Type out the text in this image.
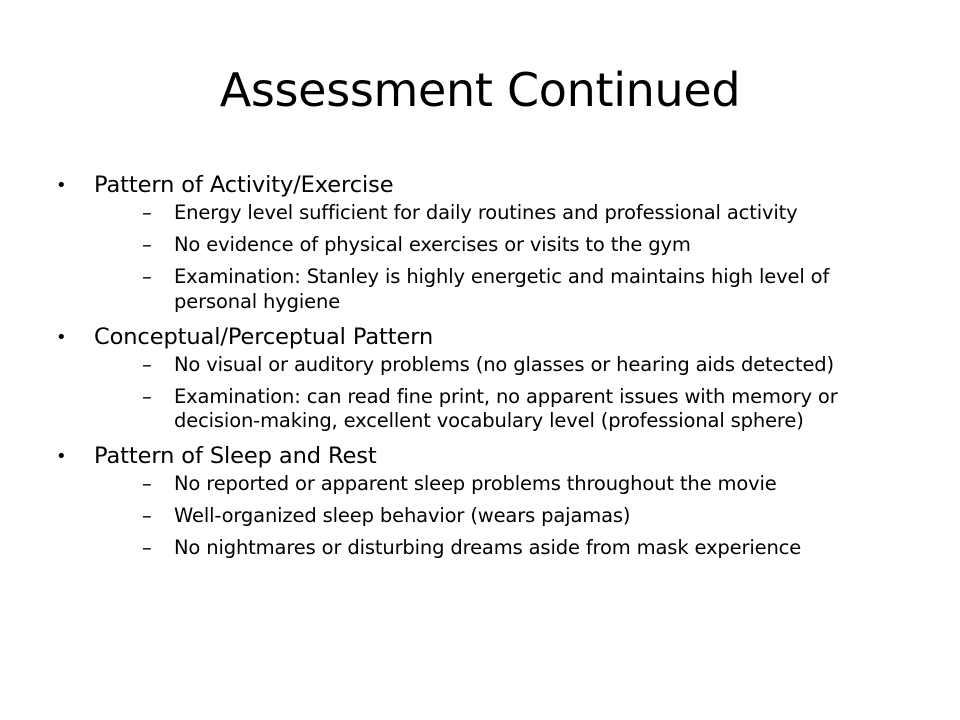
Assessment Continued
•	Pattern of Activity/Exercise
– Energy level sufficient for daily routines and professional activity
– No evidence of physical exercises or visits to the gym
– Examination: Stanley is highly energetic and maintains high level of personal hygiene
•	Conceptual/Perceptual Pattern
– No visual or auditory problems (no glasses or hearing aids detected)
– Examination: can read fine print, no apparent issues with memory or decision-making, excellent vocabulary level (professional sphere)
•	Pattern of Sleep and Rest
– No reported or apparent sleep problems throughout the movie
– Well-organized sleep behavior (wears pajamas)
– No nightmares or disturbing dreams aside from mask experience
